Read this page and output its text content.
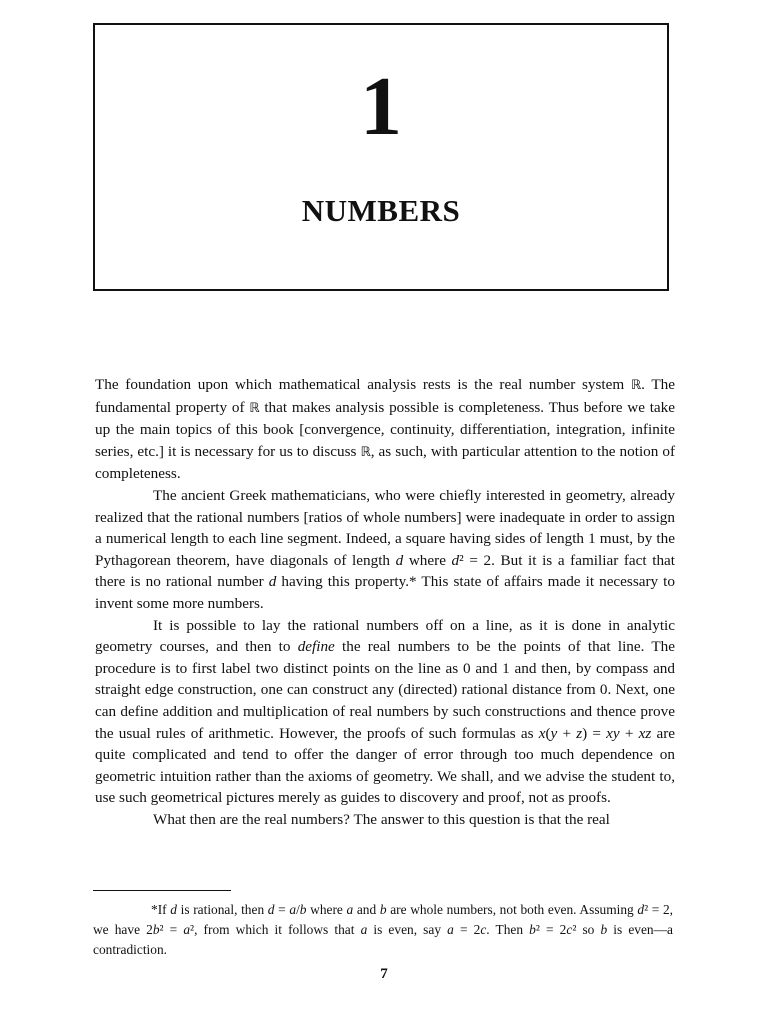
1
NUMBERS

The foundation upon which mathematical analysis rests is the real number system ℝ. The fundamental property of ℝ that makes analysis possible is completeness. Thus before we take up the main topics of this book [convergence, continuity, differentiation, integration, infinite series, etc.] it is necessary for us to discuss ℝ, as such, with particular attention to the notion of completeness.

The ancient Greek mathematicians, who were chiefly interested in geometry, already realized that the rational numbers [ratios of whole numbers] were inadequate in order to assign a numerical length to each line segment. Indeed, a square having sides of length 1 must, by the Pythagorean theorem, have diagonals of length d where d² = 2. But it is a familiar fact that there is no rational number d having this property.* This state of affairs made it necessary to invent some more numbers.

It is possible to lay the rational numbers off on a line, as it is done in analytic geometry courses, and then to define the real numbers to be the points of that line. The procedure is to first label two distinct points on the line as 0 and 1 and then, by compass and straight edge construction, one can construct any (directed) rational distance from 0. Next, one can define addition and multiplication of real numbers by such constructions and thence prove the usual rules of arithmetic. However, the proofs of such formulas as x(y + z) = xy + xz are quite complicated and tend to offer the danger of error through too much dependence on geometric intuition rather than the axioms of geometry. We shall, and we advise the student to, use such geometrical pictures merely as guides to discovery and proof, not as proofs.

What then are the real numbers? The answer to this question is that the real

*If d is rational, then d = a/b where a and b are whole numbers, not both even. Assuming d² = 2, we have 2b² = a², from which it follows that a is even, say a = 2c. Then b² = 2c² so b is even—a contradiction.

7
